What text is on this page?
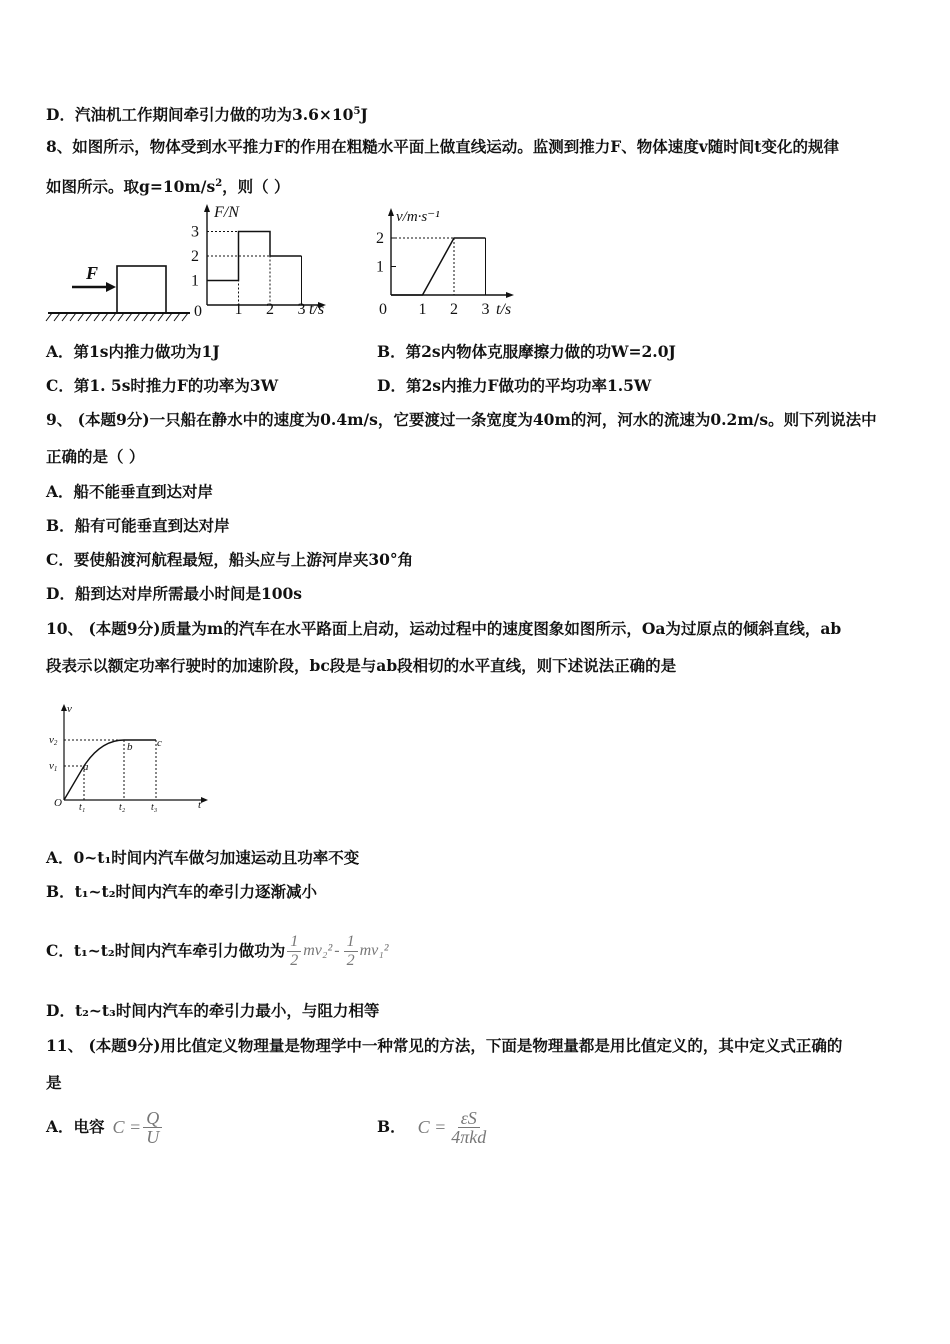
D．汽油机工作期间牵引力做的功为$3.6\times 10^5J$
8、如图所示，物体受到水平推力F的作用在粗糙水平面上做直线运动。监测到推力F、物体速度v随时间t变化的规律
如图所示。取$g=10m/s^2$，则（ ）
F
F/N
t/s
0
1
2
3
1 2 3
v/m·s⁻¹
t/s
0
1
2
1 2 3
A．第1s内推力做功为1J	B．第2s内物体克服摩擦力做的功W=2.0J
C．第1. 5s时推力F的功率为3W	D．第2s内推力F做功的平均功率1.5W
9、 (本题9分)一只船在静水中的速度为0.4m/s，它要渡过一条宽度为40m的河，河水的流速为0.2m/s。则下列说法中
正确的是（ ）
A．船不能垂直到达对岸
B．船有可能垂直到达对岸
C．要使船渡河航程最短，船头应与上游河岸夹30°角
D．船到达对岸所需最小时间是100s
10、 (本题9分)质量为m的汽车在水平路面上启动，运动过程中的速度图象如图所示，Oa为过原点的倾斜直线，ab
段表示以额定功率行驶时的加速阶段，bc段是与ab段相切的水平直线，则下述说法正确的是
v
t
O
v2
v1 a
b c
t₁	t₂	t₃
A．0~t₁时间内汽车做匀加速运动且功率不变
B．t₁~t₂时间内汽车的牵引力逐渐减小
C．t₁~t₂时间内汽车牵引力做功为 $\frac{1}{2} mv_2^2 - \frac{1}{2} mv_1^2$
D．t₂~t₃时间内汽车的牵引力最小，与阻力相等
11、 (本题9分)用比值定义物理量是物理学中一种常见的方法，下面是物理量都是用比值定义的，其中定义式正确的
是
A．电容 $C = \frac{Q}{U}$	B． $C = \frac{\varepsilon S}{\text{4πkd}}$
